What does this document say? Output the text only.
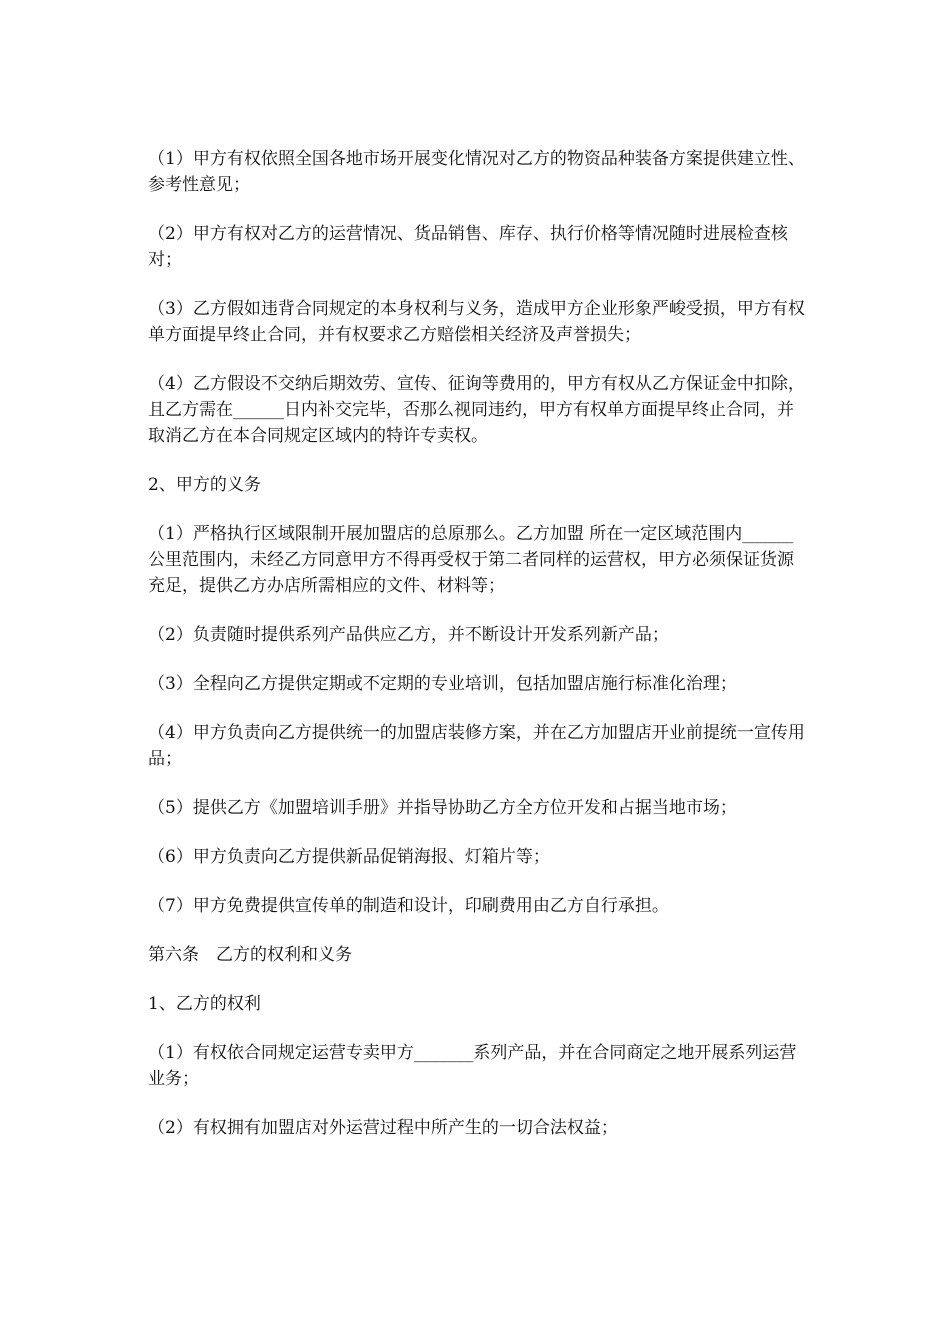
（1）甲方有权依照全国各地市场开展变化情况对乙方的物资品种装备方案提供建立性、参考性意见；

（2）甲方有权对乙方的运营情况、货品销售、库存、执行价格等情况随时进展检查核对；

（3）乙方假如违背合同规定的本身权利与义务，造成甲方企业形象严峻受损，甲方有权单方面提早终止合同，并有权要求乙方赔偿相关经济及声誉损失；

（4）乙方假设不交纳后期效劳、宣传、征询等费用的，甲方有权从乙方保证金中扣除，且乙方需在______日内补交完毕，否那么视同违约，甲方有权单方面提早终止合同，并取消乙方在本合同规定区域内的特许专卖权。

2、甲方的义务

（1）严格执行区域限制开展加盟店的总原那么。乙方加盟 所在一定区域范围内______公里范围内，未经乙方同意甲方不得再受权于第二者同样的运营权，甲方必须保证货源充足，提供乙方办店所需相应的文件、材料等；

（2）负责随时提供系列产品供应乙方，并不断设计开发系列新产品；

（3）全程向乙方提供定期或不定期的专业培训，包括加盟店施行标准化治理；

（4）甲方负责向乙方提供统一的加盟店装修方案，并在乙方加盟店开业前提统一宣传用品；

（5）提供乙方《加盟培训手册》并指导协助乙方全方位开发和占据当地市场；

（6）甲方负责向乙方提供新品促销海报、灯箱片等；

（7）甲方免费提供宣传单的制造和设计，印刷费用由乙方自行承担。

第六条　乙方的权利和义务

1、乙方的权利

（1）有权依合同规定运营专卖甲方_______系列产品，并在合同商定之地开展系列运营业务；

（2）有权拥有加盟店对外运营过程中所产生的一切合法权益；
